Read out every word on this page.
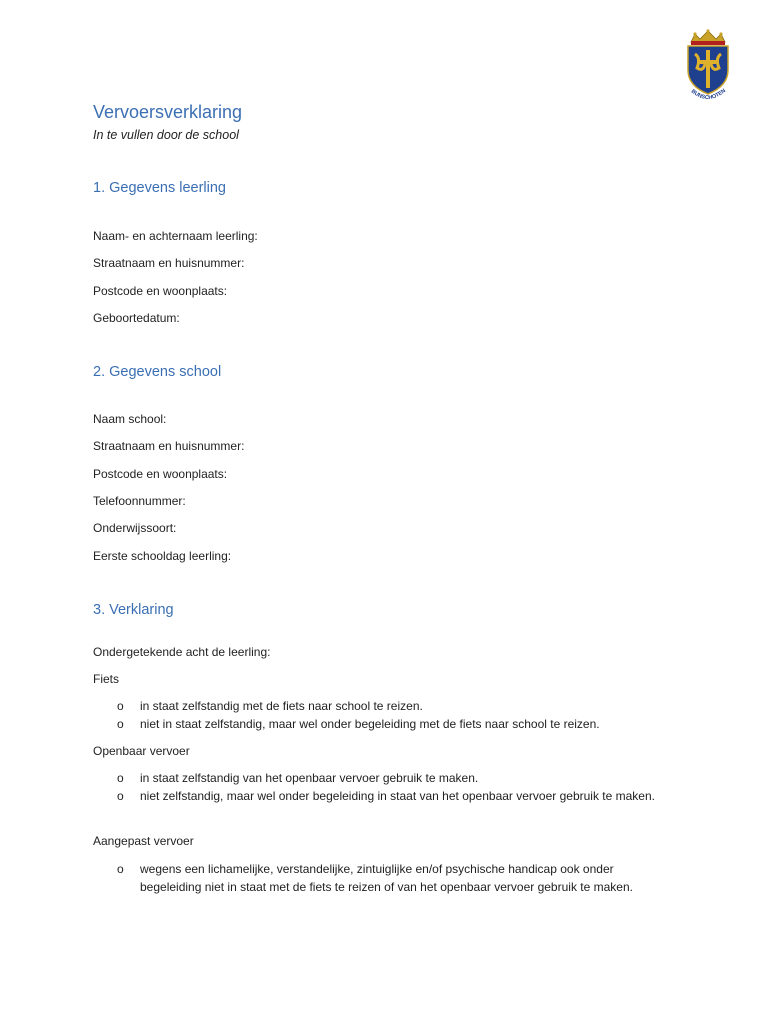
BUNSCHOTEN
Vervoersverklaring

In te vullen door de school

1. Gegevens leerling

Naam- en achternaam leerling:

Straatnaam en huisnummer:

Postcode en woonplaats:

Geboortedatum:

2. Gegevens school

Naam school:

Straatnaam en huisnummer:

Postcode en woonplaats:

Telefoonnummer:

Onderwijssoort:

Eerste schooldag leerling:

3. Verklaring

Ondergetekende acht de leerling:

Fiets

o in staat zelfstandig met de fiets naar school te reizen.

o niet in staat zelfstandig, maar wel onder begeleiding met de fiets naar school te reizen.

Openbaar vervoer

o in staat zelfstandig van het openbaar vervoer gebruik te maken.

o niet zelfstandig, maar wel onder begeleiding in staat van het openbaar vervoer gebruik te maken.

Aangepast vervoer

o wegens een lichamelijke, verstandelijke, zintuiglijke en/of psychische handicap ook onder begeleiding niet in staat met de fiets te reizen of van het openbaar vervoer gebruik te maken.
